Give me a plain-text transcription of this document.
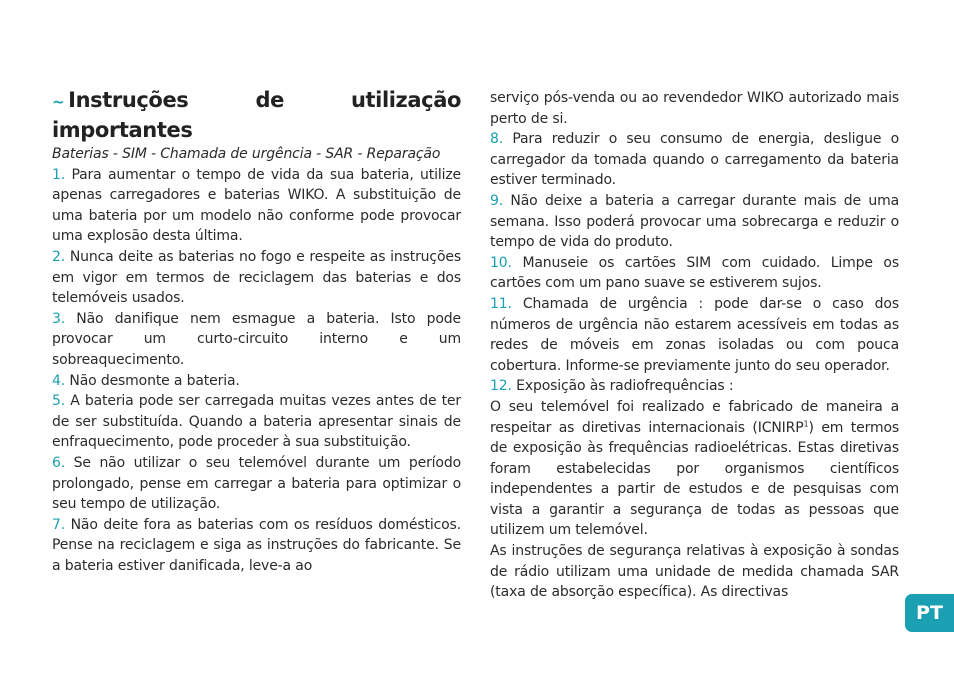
~ Instruções de utilização importantes

Baterias - SIM - Chamada de urgência - SAR - Reparação

1. Para aumentar o tempo de vida da sua bateria, utilize apenas carregadores e baterias WIKO. A substituição de uma bateria por um modelo não conforme pode provocar uma explosão desta última.

2. Nunca deite as baterias no fogo e respeite as instruções em vigor em termos de reciclagem das baterias e dos telemóveis usados.

3. Não danifique nem esmague a bateria. Isto pode provocar um curto-circuito interno e um sobreaquecimento.

4. Não desmonte a bateria.

5. A bateria pode ser carregada muitas vezes antes de ter de ser substituída. Quando a bateria apresentar sinais de enfraquecimento, pode proceder à sua substituição.

6. Se não utilizar o seu telemóvel durante um período prolongado, pense em carregar a bateria para optimizar o seu tempo de utilização.

7. Não deite fora as baterias com os resíduos domésticos. Pense na reciclagem e siga as instruções do fabricante. Se a bateria estiver danificada, leve-a ao

serviço pós-venda ou ao revendedor WIKO autorizado mais perto de si.

8. Para reduzir o seu consumo de energia, desligue o carregador da tomada quando o carregamento da bateria estiver terminado.

9. Não deixe a bateria a carregar durante mais de uma semana. Isso poderá provocar uma sobrecarga e reduzir o tempo de vida do produto.

10. Manuseie os cartões SIM com cuidado. Limpe os cartões com um pano suave se estiverem sujos.

11. Chamada de urgência : pode dar-se o caso dos números de urgência não estarem acessíveis em todas as redes de móveis em zonas isoladas ou com pouca cobertura. Informe-se previamente junto do seu operador.

12. Exposição às radiofrequências :

O seu telemóvel foi realizado e fabricado de maneira a respeitar as diretivas internacionais (ICNIRP$^1$) em termos de exposição às frequências radioelétricas. Estas diretivas foram estabelecidas por organismos científicos independentes a partir de estudos e de pesquisas com vista a garantir a segurança de todas as pessoas que utilizem um telemóvel.

As instruções de segurança relativas à exposição à sondas de rádio utilizam uma unidade de medida chamada SAR (taxa de absorção específica). As directivas

PT
